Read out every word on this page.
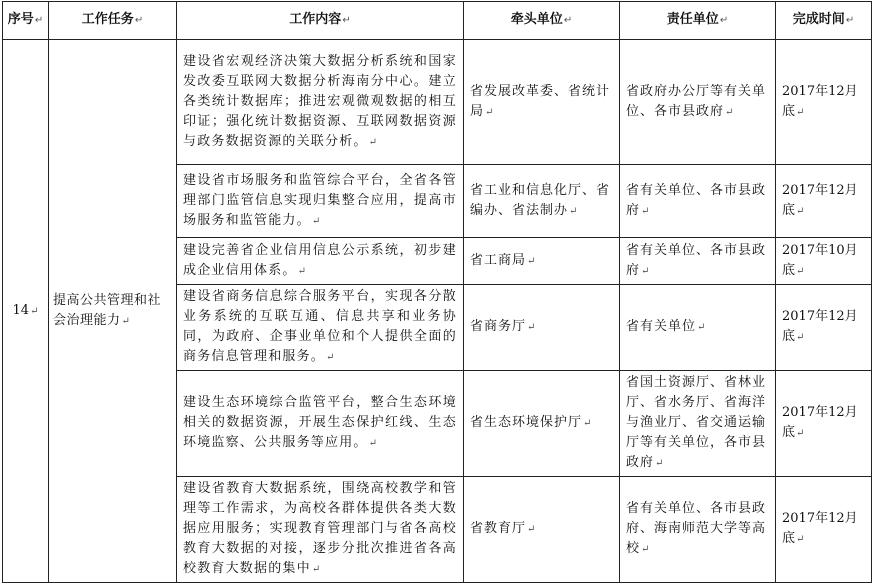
序号↵	工作任务↵	工作内容↵	牵头单位↵	责任单位↵	完成时间↵
14↵	提高公共管理和社会治理能力↵	建设省宏观经济决策大数据分析系统和国家发改委互联网大数据分析海南分中心。建立各类统计数据库；推进宏观微观数据的相互印证；强化统计数据资源、互联网数据资源与政务数据资源的关联分析。↵	省发展改革委、省统计局↵	省政府办公厅等有关单位、各市县政府↵	2017年12月底↵
		建设省市场服务和监管综合平台，全省各管理部门监管信息实现归集整合应用，提高市场服务和监管能力。↵	省工业和信息化厅、省编办、省法制办↵	省有关单位、各市县政府↵	2017年12月底↵
		建设完善省企业信用信息公示系统，初步建成企业信用体系。↵	省工商局↵	省有关单位、各市县政府↵	2017年10月底↵
		建设省商务信息综合服务平台，实现各分散业务系统的互联互通、信息共享和业务协同，为政府、企事业单位和个人提供全面的商务信息管理和服务。↵	省商务厅↵	省有关单位↵	2017年12月底↵
		建设生态环境综合监管平台，整合生态环境相关的数据资源，开展生态保护红线、生态环境监察、公共服务等应用。↵	省生态环境保护厅↵	省国土资源厅、省林业厅、省水务厅、省海洋与渔业厅、省交通运输厅等有关单位，各市县政府↵	2017年12月底↵
		建设省教育大数据系统，围绕高校教学和管理等工作需求，为高校各群体提供各类大数据应用服务；实现教育管理部门与省各高校教育大数据的对接，逐步分批次推进省各高校教育大数据的集中↵	省教育厅↵	省有关单位、各市县政府、海南师范大学等高校↵	2017年12月底↵
